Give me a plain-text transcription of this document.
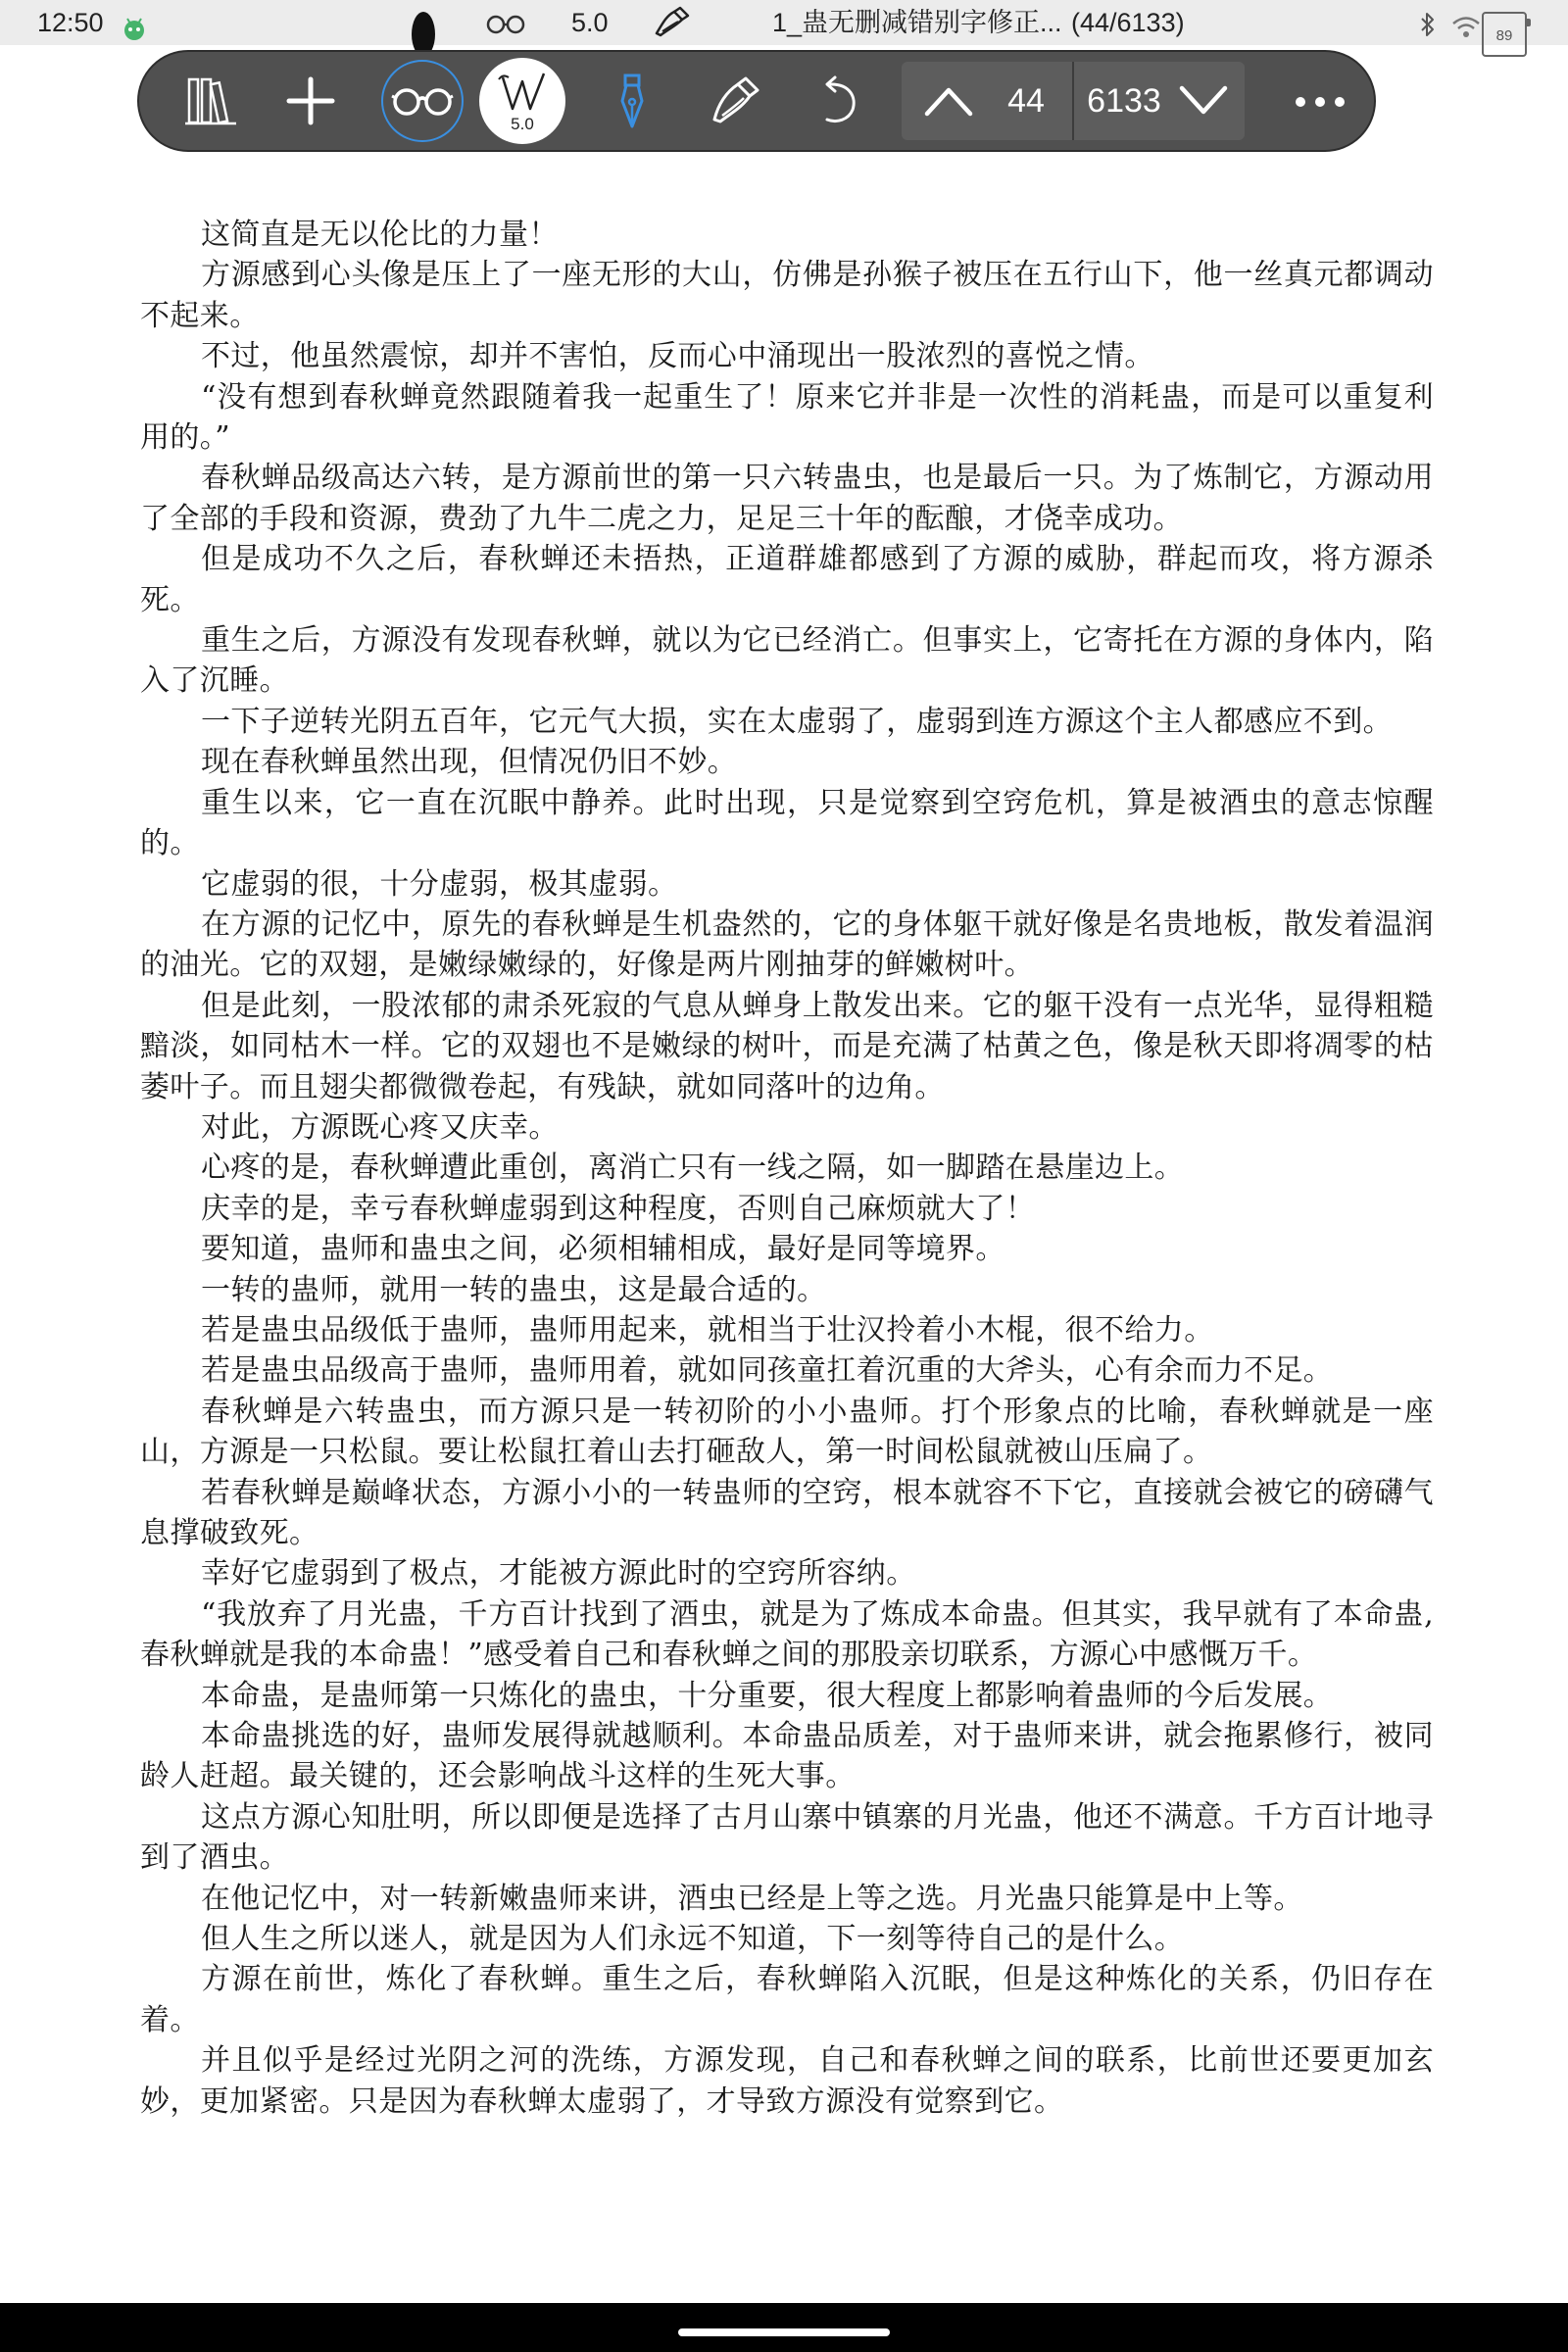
12:50	5.0	1_蛊无删减错别字修正... (44/6133)	89
5.0
44	6133

这简直是无以伦比的力量！

方源感到心头像是压上了一座无形的大山，仿佛是孙猴子被压在五行山下，他一丝真元都调动不起来。

不过，他虽然震惊，却并不害怕，反而心中涌现出一股浓烈的喜悦之情。

“没有想到春秋蝉竟然跟随着我一起重生了！原来它并非是一次性的消耗蛊，而是可以重复利用的。”

春秋蝉品级高达六转，是方源前世的第一只六转蛊虫，也是最后一只。为了炼制它，方源动用了全部的手段和资源，费劲了九牛二虎之力，足足三十年的酝酿，才侥幸成功。

但是成功不久之后，春秋蝉还未捂热，正道群雄都感到了方源的威胁，群起而攻，将方源杀死。

重生之后，方源没有发现春秋蝉，就以为它已经消亡。但事实上，它寄托在方源的身体内，陷入了沉睡。

一下子逆转光阴五百年，它元气大损，实在太虚弱了，虚弱到连方源这个主人都感应不到。

现在春秋蝉虽然出现，但情况仍旧不妙。

重生以来，它一直在沉眠中静养。此时出现，只是觉察到空窍危机，算是被酒虫的意志惊醒的。

它虚弱的很，十分虚弱，极其虚弱。

在方源的记忆中，原先的春秋蝉是生机盎然的，它的身体躯干就好像是名贵地板，散发着温润的油光。它的双翅，是嫩绿嫩绿的，好像是两片刚抽芽的鲜嫩树叶。

但是此刻，一股浓郁的肃杀死寂的气息从蝉身上散发出来。它的躯干没有一点光华，显得粗糙黯淡，如同枯木一样。它的双翅也不是嫩绿的树叶，而是充满了枯黄之色，像是秋天即将凋零的枯萎叶子。而且翅尖都微微卷起，有残缺，就如同落叶的边角。

对此，方源既心疼又庆幸。

心疼的是，春秋蝉遭此重创，离消亡只有一线之隔，如一脚踏在悬崖边上。

庆幸的是，幸亏春秋蝉虚弱到这种程度，否则自己麻烦就大了！

要知道，蛊师和蛊虫之间，必须相辅相成，最好是同等境界。

一转的蛊师，就用一转的蛊虫，这是最合适的。

若是蛊虫品级低于蛊师，蛊师用起来，就相当于壮汉拎着小木棍，很不给力。

若是蛊虫品级高于蛊师，蛊师用着，就如同孩童扛着沉重的大斧头，心有余而力不足。

春秋蝉是六转蛊虫，而方源只是一转初阶的小小蛊师。打个形象点的比喻，春秋蝉就是一座山，方源是一只松鼠。要让松鼠扛着山去打砸敌人，第一时间松鼠就被山压扁了。

若春秋蝉是巅峰状态，方源小小的一转蛊师的空窍，根本就容不下它，直接就会被它的磅礴气息撑破致死。

幸好它虚弱到了极点，才能被方源此时的空窍所容纳。

“我放弃了月光蛊，千方百计找到了酒虫，就是为了炼成本命蛊。但其实，我早就有了本命蛊,春秋蝉就是我的本命蛊！”感受着自己和春秋蝉之间的那股亲切联系，方源心中感慨万千。

本命蛊，是蛊师第一只炼化的蛊虫，十分重要，很大程度上都影响着蛊师的今后发展。

本命蛊挑选的好，蛊师发展得就越顺利。本命蛊品质差，对于蛊师来讲，就会拖累修行，被同龄人赶超。最关键的，还会影响战斗这样的生死大事。

这点方源心知肚明，所以即便是选择了古月山寨中镇寨的月光蛊，他还不满意。千方百计地寻到了酒虫。

在他记忆中，对一转新嫩蛊师来讲，酒虫已经是上等之选。月光蛊只能算是中上等。

但人生之所以迷人，就是因为人们永远不知道，下一刻等待自己的是什么。

方源在前世，炼化了春秋蝉。重生之后，春秋蝉陷入沉眠，但是这种炼化的关系，仍旧存在着。

并且似乎是经过光阴之河的洗练，方源发现，自己和春秋蝉之间的联系，比前世还要更加玄妙，更加紧密。只是因为春秋蝉太虚弱了，才导致方源没有觉察到它。
